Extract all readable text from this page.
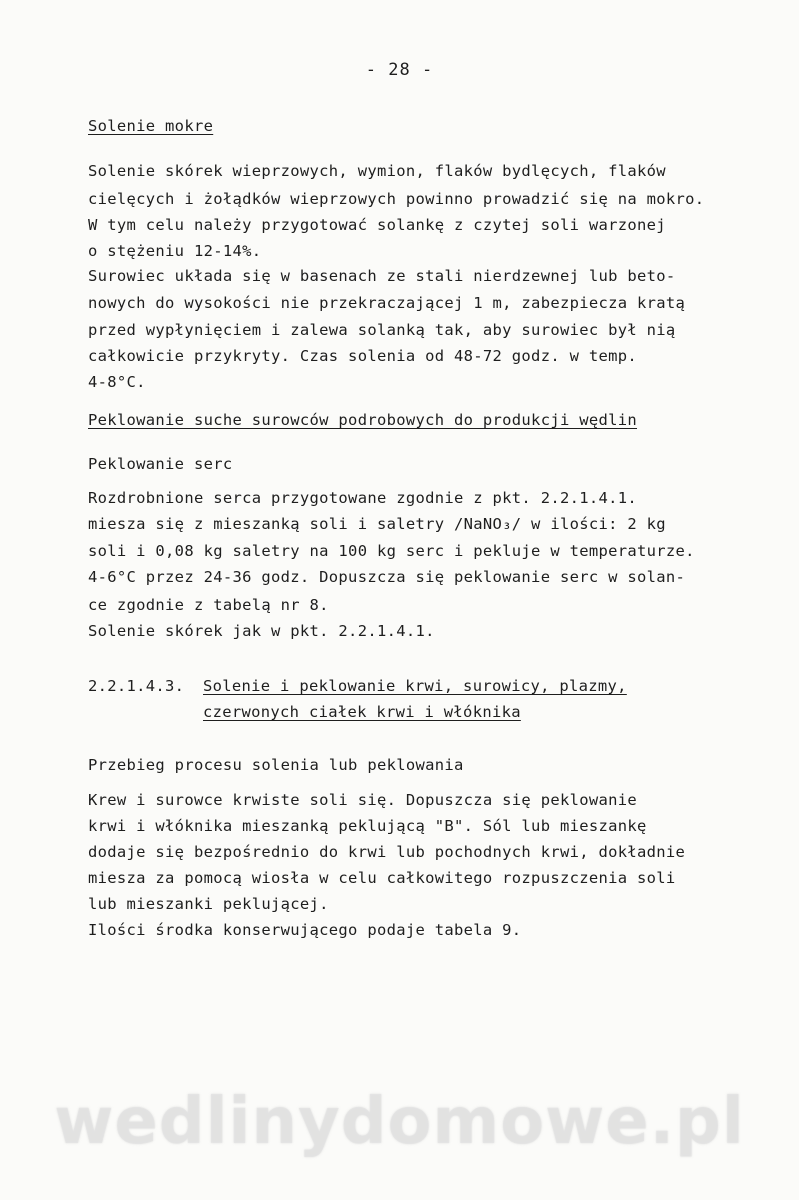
- 28 -
Solenie mokre
Solenie skórek wieprzowych, wymion, flaków bydlęcych, flaków
cielęcych i żołądków wieprzowych powinno prowadzić się na mokro.
W tym celu należy przygotować solankę z czytej soli warzonej
o stężeniu 12-14%.
Surowiec układa się w basenach ze stali nierdzewnej lub beto-
nowych do wysokości nie przekraczającej 1 m, zabezpiecza kratą
przed wypłynięciem i zalewa solanką tak, aby surowiec był nią
całkowicie przykryty. Czas solenia od 48-72 godz. w temp.
4-8°C.
Peklowanie suche surowców podrobowych do produkcji wędlin
Peklowanie serc
Rozdrobnione serca przygotowane zgodnie z pkt. 2.2.1.4.1.
miesza się z mieszanką soli i saletry /NaNO₃/ w ilości: 2 kg
soli i 0,08 kg saletry na 100 kg serc i pekluje w temperaturze.
4-6°C przez 24-36 godz. Dopuszcza się peklowanie serc w solan-
ce zgodnie z tabelą nr 8.
Solenie skórek jak w pkt. 2.2.1.4.1.
2.2.1.4.3. Solenie i peklowanie krwi, surowicy, plazmy,
czerwonych ciałek krwi i włóknika
Przebieg procesu solenia lub peklowania
Krew i surowce krwiste soli się. Dopuszcza się peklowanie
krwi i włóknika mieszanką peklującą "B". Sól lub mieszankę
dodaje się bezpośrednio do krwi lub pochodnych krwi, dokładnie
miesza za pomocą wiosła w celu całkowitego rozpuszczenia soli
lub mieszanki peklującej.
Ilości środka konserwującego podaje tabela 9.
wedlinydomowe.pl
